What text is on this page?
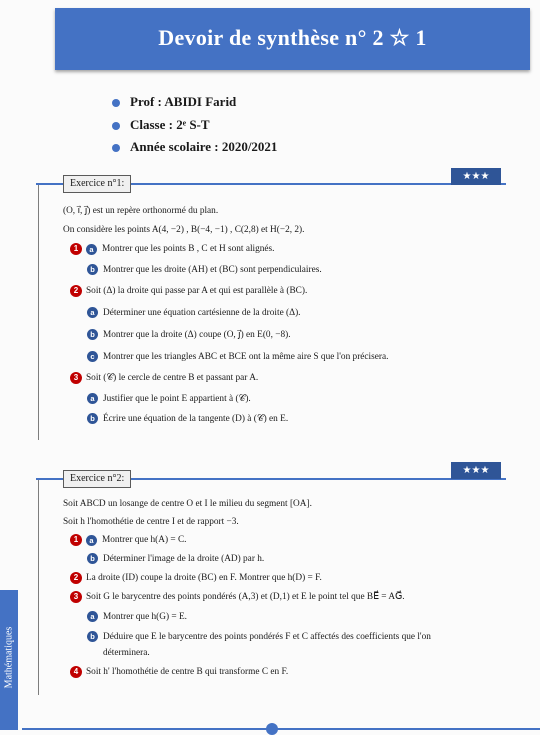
Devoir de synthèse n° 2 ☆ 1
Prof : ABIDI Farid
Classe : 2ᵉ S-T
Année scolaire : 2020/2021
Exercice n°1:
★★★
(O, i⃗, j⃗) est un repère orthonormé du plan.
On considère les points A(4, −2) , B(−4, −1) , C(2,8) et H(−2, 2).
1 a Montrer que les points B , C et H sont alignés.
b Montrer que les droite (AH) et (BC) sont perpendiculaires.
2 Soit (Δ) la droite qui passe par A et qui est parallèle à (BC).
a Déterminer une équation cartésienne de la droite (Δ).
b Montrer que la droite (Δ) coupe (O, j⃗) en E(0, −8).
c Montrer que les triangles ABC et BCE ont la même aire S que l'on précisera.
3 Soit (𝒞) le cercle de centre B et passant par A.
a Justifier que le point E appartient à (𝒞).
b Écrire une équation de la tangente (D) à (𝒞) en E.
Exercice n°2:
★★★
Soit ABCD un losange de centre O et I le milieu du segment [OA].
Soit h l'homothétie de centre I et de rapport −3.
1 a Montrer que h(A) = C.
b Déterminer l'image de la droite (AD) par h.
2 La droite (ID) coupe la droite (BC) en F. Montrer que h(D) = F.
3 Soit G le barycentre des points pondérés (A,3) et (D,1) et E le point tel que BE⃗ = AG⃗.
a Montrer que h(G) = E.
b Déduire que E le barycentre des points pondérés F et C affectés des coefficients que l'on
déterminera.
4 Soit h' l'homothétie de centre B qui transforme C en F.
Mathématiques
